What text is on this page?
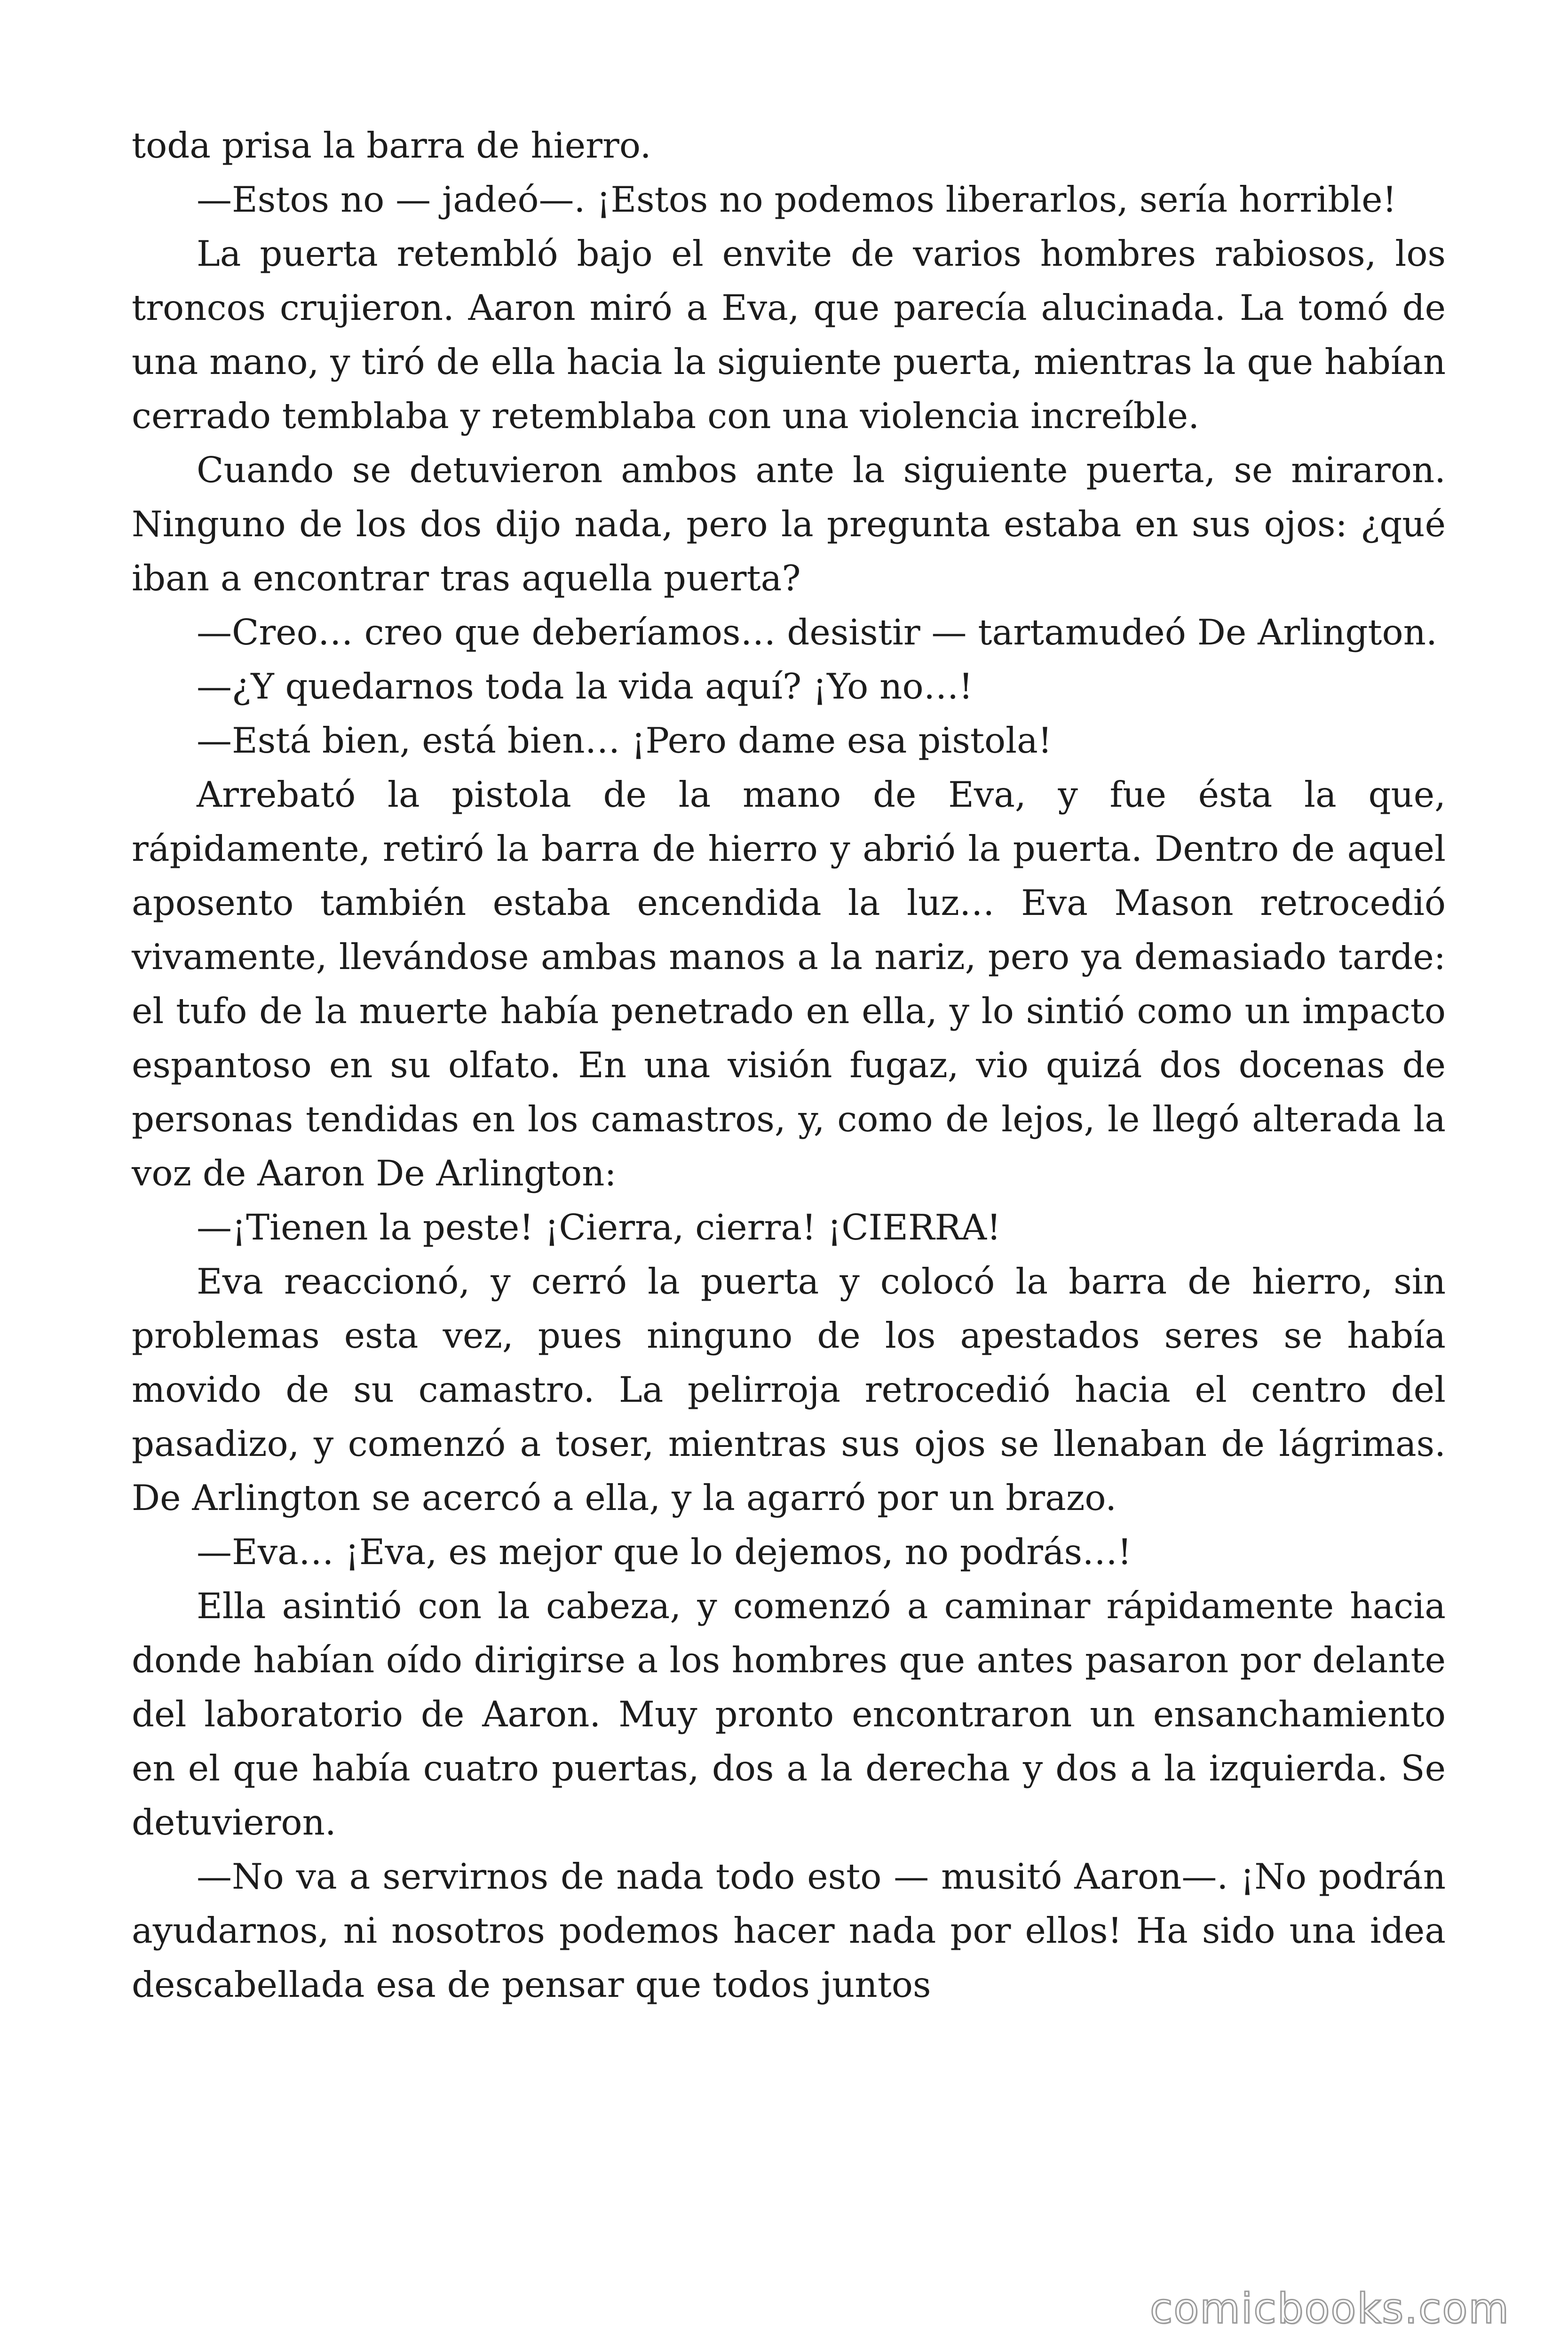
toda prisa la barra de hierro.

—Estos no — jadeó—. ¡Estos no podemos liberarlos, sería horrible!

La puerta retembló bajo el envite de varios hombres rabiosos, los troncos crujieron. Aaron miró a Eva, que parecía alucinada. La tomó de una mano, y tiró de ella hacia la siguiente puerta, mientras la que habían cerrado temblaba y retemblaba con una violencia increíble.

Cuando se detuvieron ambos ante la siguiente puerta, se miraron. Ninguno de los dos dijo nada, pero la pregunta estaba en sus ojos: ¿qué iban a encontrar tras aquella puerta?

—Creo… creo que deberíamos… desistir — tartamudeó De Arlington.

—¿Y quedarnos toda la vida aquí? ¡Yo no…!

—Está bien, está bien… ¡Pero dame esa pistola!

Arrebató la pistola de la mano de Eva, y fue ésta la que, rápidamente, retiró la barra de hierro y abrió la puerta. Dentro de aquel aposento también estaba encendida la luz… Eva Mason retrocedió vivamente, llevándose ambas manos a la nariz, pero ya demasiado tarde: el tufo de la muerte había penetrado en ella, y lo sintió como un impacto espantoso en su olfato. En una visión fugaz, vio quizá dos docenas de personas tendidas en los camastros, y, como de lejos, le llegó alterada la voz de Aaron De Arlington:

—¡Tienen la peste! ¡Cierra, cierra! ¡CIERRA!

Eva reaccionó, y cerró la puerta y colocó la barra de hierro, sin problemas esta vez, pues ninguno de los apestados seres se había movido de su camastro. La pelirroja retrocedió hacia el centro del pasadizo, y comenzó a toser, mientras sus ojos se llenaban de lágrimas. De Arlington se acercó a ella, y la agarró por un brazo.

—Eva… ¡Eva, es mejor que lo dejemos, no podrás…!

Ella asintió con la cabeza, y comenzó a caminar rápidamente hacia donde habían oído dirigirse a los hombres que antes pasaron por delante del laboratorio de Aaron. Muy pronto encontraron un ensanchamiento en el que había cuatro puertas, dos a la derecha y dos a la izquierda. Se detuvieron.

—No va a servirnos de nada todo esto — musitó Aaron—. ¡No podrán ayudarnos, ni nosotros podemos hacer nada por ellos! Ha sido una idea descabellada esa de pensar que todos juntos

comicbooks.com
